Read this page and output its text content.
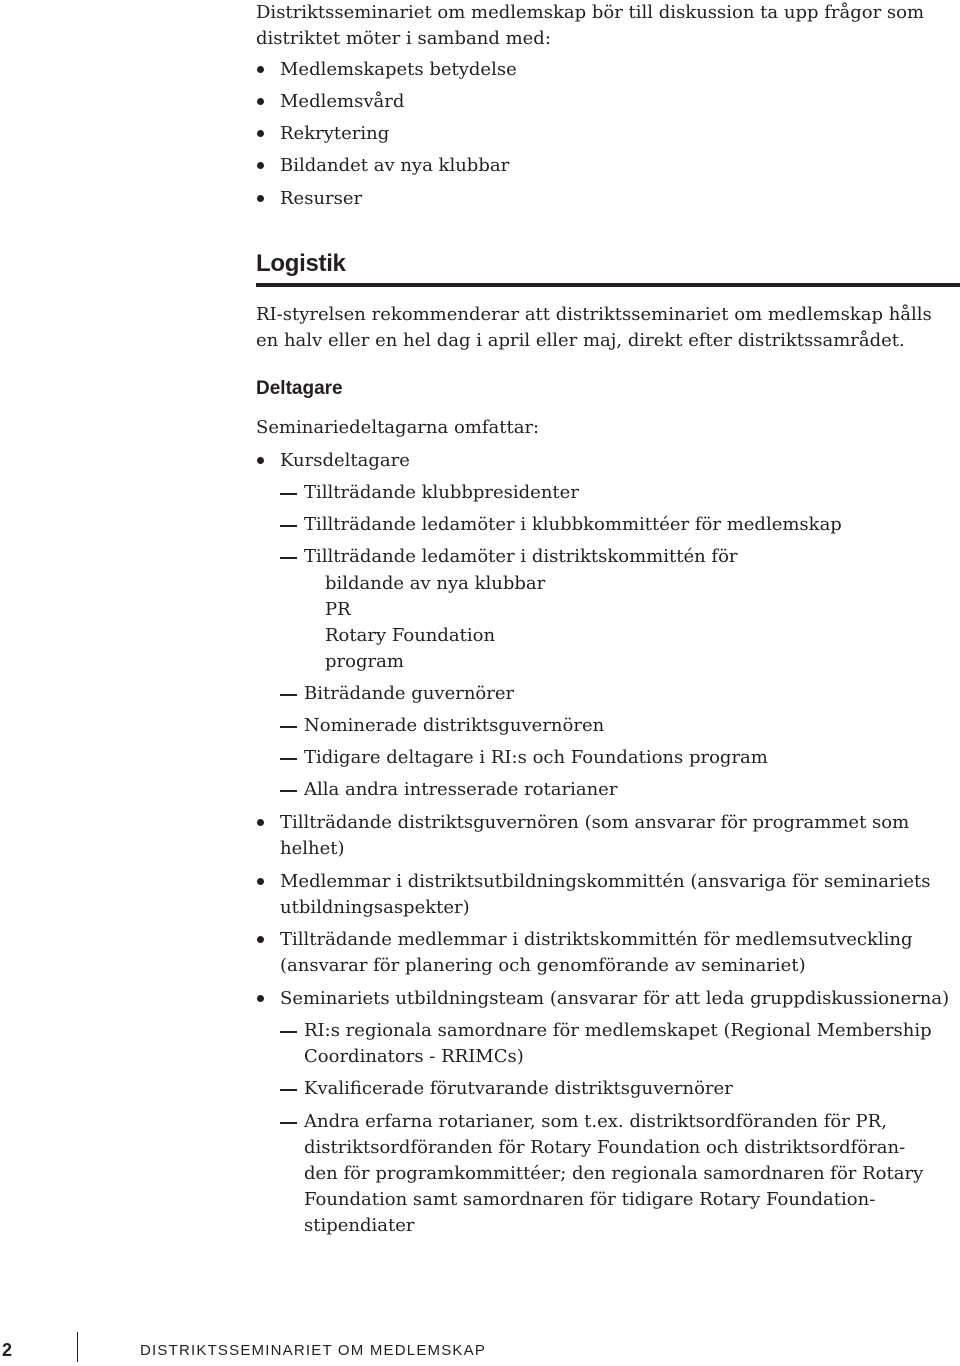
Distriktsseminariet om medlemskap bör till diskussion ta upp frågor som
distriktet möter i samband med:
Medlemskapets betydelse
Medlemsvård
Rekrytering
Bildandet av nya klubbar
Resurser
Logistik
RI-styrelsen rekommenderar att distriktsseminariet om medlemskap hålls
en halv eller en hel dag i april eller maj, direkt efter distriktssamrådet.
Deltagare
Seminariedeltagarna omfattar:
Kursdeltagare
Tillträdande klubbpresidenter
Tillträdande ledamöter i klubbkommittéer för medlemskap
Tillträdande ledamöter i distriktskommittén för
bildande av nya klubbar
PR
Rotary Foundation
program
Biträdande guvernörer
Nominerade distriktsguvernören
Tidigare deltagare i RI:s och Foundations program
Alla andra intresserade rotarianer
Tillträdande distriktsguvernören (som ansvarar för programmet som
helhet)
Medlemmar i distriktsutbildningskommittén (ansvariga för seminariets
utbildningsaspekter)
Tillträdande medlemmar i distriktskommittén för medlemsutveckling
(ansvarar för planering och genomförande av seminariet)
Seminariets utbildningsteam (ansvarar för att leda gruppdiskussionerna)
RI:s regionala samordnare för medlemskapet (Regional Membership
Coordinators - RRIMCs)
Kvalificerade förutvarande distriktsguvernörer
Andra erfarna rotarianer, som t.ex. distriktsordföranden för PR,
distriktsordföranden för Rotary Foundation och distriktsordföran-
den för programkommittéer; den regionala samordnaren för Rotary
Foundation samt samordnaren för tidigare Rotary Foundation-
stipendiater
2	DISTRIKTSSEMINARIET OM MEDLEMSKAP
